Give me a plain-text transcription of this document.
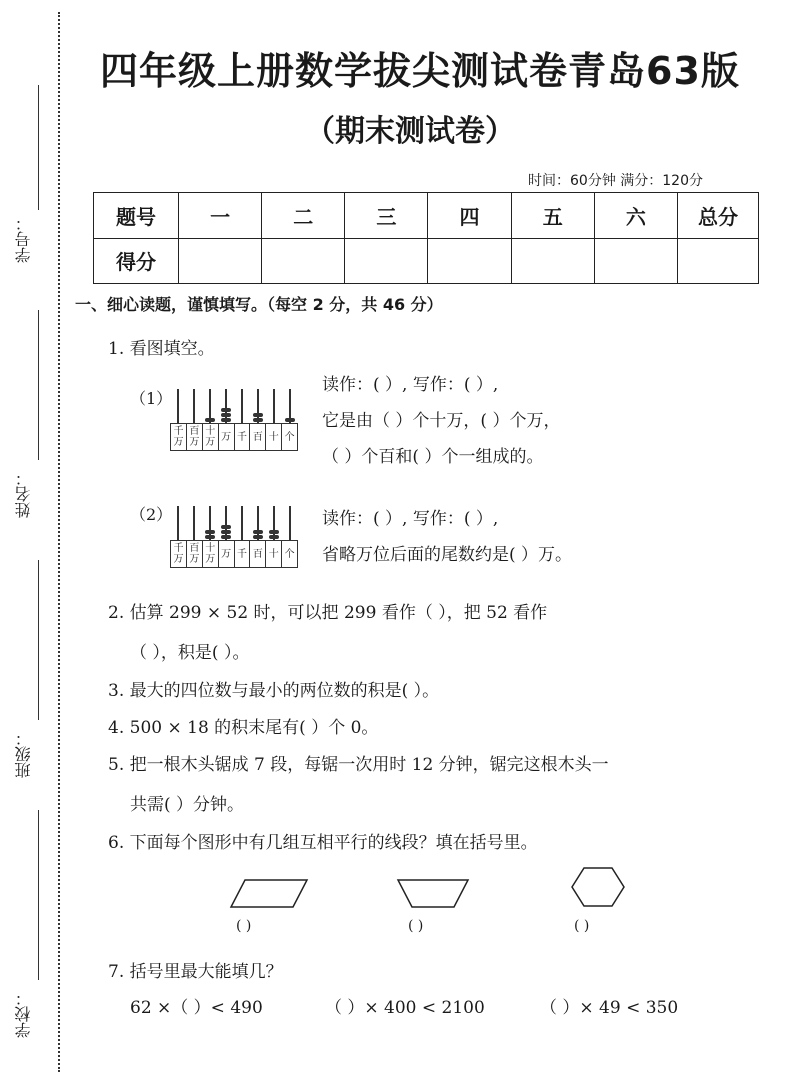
学号：
姓名：
班级：
学校：
四年级上册数学拔尖测试卷青岛63版
（期末测试卷）
时间：60分钟 满分：120分
题号	一	二	三	四	五	六	总分
得分							
一、细心读题，谨慎填写。（每空 2 分，共 46 分）
1. 看图填空。
（1）
千万
百万
十万 万 千 百 十 个
读作：( ）, 写作：( ）,
它是由（ ）个十万，( ）个万，
（ ）个百和( ）个一组成的。
（2）
千万
百万
十万 万 千 百 十 个
读作：( ）, 写作：( ）,
省略万位后面的尾数约是( ）万。
2. 估算 299 × 52 时，可以把 299 看作（ ），把 52 看作
（ ），积是( ）。
3. 最大的四位数与最小的两位数的积是( ）。
4. 500 × 18 的积末尾有( ）个 0。
5. 把一根木头锯成 7 段，每锯一次用时 12 分钟，锯完这根木头一
共需( ）分钟。
6. 下面每个图形中有几组互相平行的线段？填在括号里。
( )	( )	( )
7. 括号里最大能填几？
62 ×（ ）< 490	（ ）× 400 < 2100	（ ）× 49 < 350
